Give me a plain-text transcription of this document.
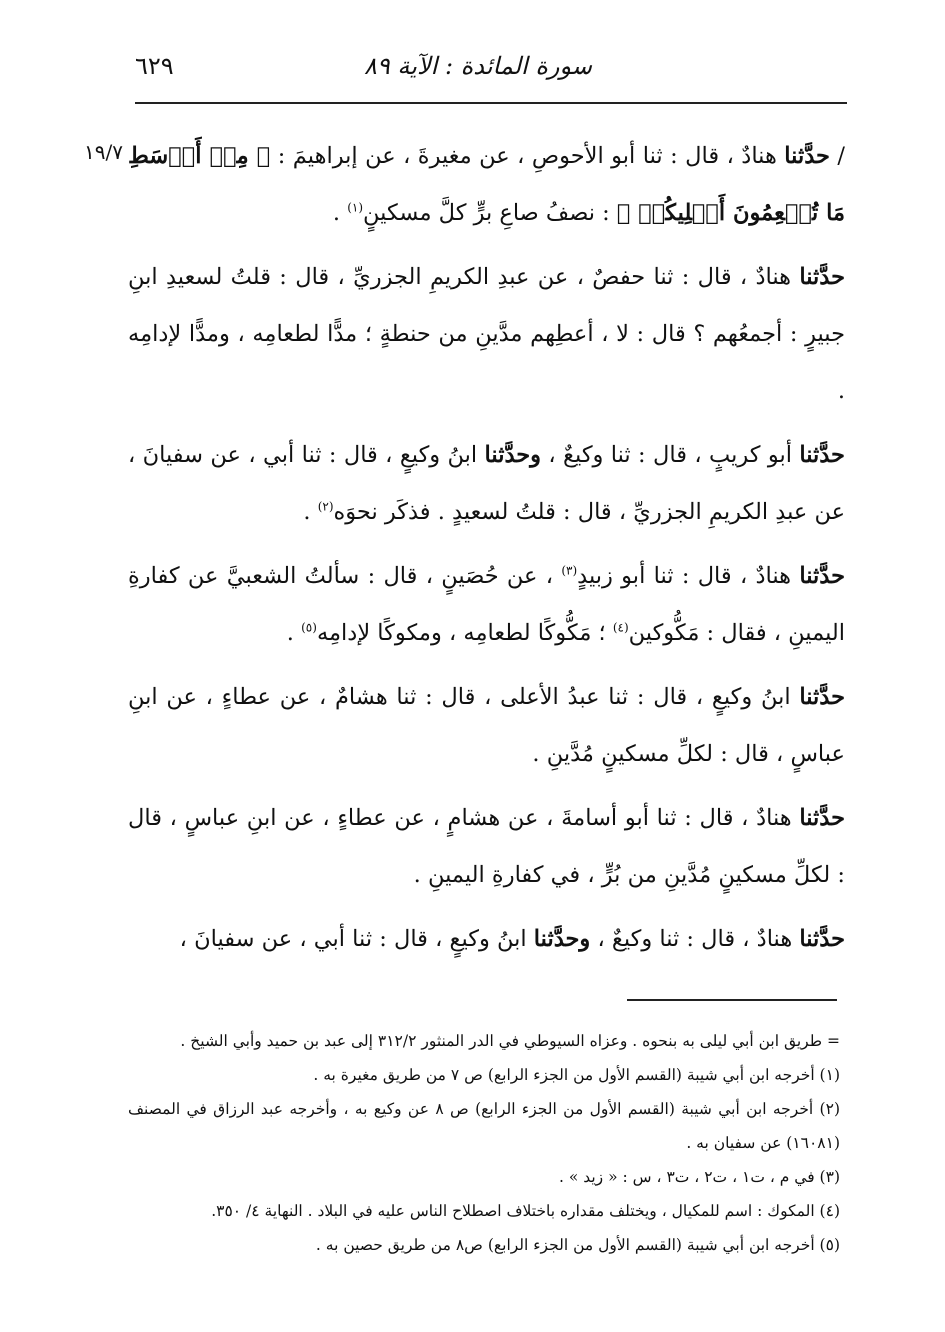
سورة المائدة : الآية ٨٩
٦٢٩
١٩/٧	/ حدَّثنا هنادٌ ، قال : ثنا أبو الأحوصِ ، عن مغيرةَ ، عن إبراهيمَ : ﴿ مِنۡ أَوۡسَطِ مَا تُطۡعِمُونَ أَهۡلِيكُمۡ ﴾ : نصفُ صاعِ برٍّ كلَّ مسكينٍ$^{(١)}$ .

حدَّثنا هنادٌ ، قال : ثنا حفصٌ ، عن عبدِ الكريمِ الجزريِّ ، قال : قلتُ لسعيدِ ابنِ جبيرٍ : أجمعُهم ؟ قال : لا ، أعطِهم مدَّينِ من حنطةٍ ؛ مدًّا لطعامِه ، ومدًّا لإدامِه .

حدَّثنا أبو كريبٍ ، قال : ثنا وكيعٌ ، وحدَّثنا ابنُ وكيعٍ ، قال : ثنا أبي ، عن سفيانَ ، عن عبدِ الكريمِ الجزريِّ ، قال : قلتُ لسعيدٍ . فذكَر نحوَه$^{(٢)}$ .

حدَّثنا هنادٌ ، قال : ثنا أبو زبيدٍ$^{(٣)}$ ، عن حُصَينٍ ، قال : سألتُ الشعبيَّ عن كفارةِ اليمينِ ، فقال : مَكُّوكين$^{(٤)}$ ؛ مَكُّوكًا لطعامِه ، ومكوكًا لإدامِه$^{(٥)}$ .

حدَّثنا ابنُ وكيعٍ ، قال : ثنا عبدُ الأعلى ، قال : ثنا هشامٌ ، عن عطاءٍ ، عن ابنِ عباسٍ ، قال : لكلِّ مسكينٍ مُدَّينِ .

حدَّثنا هنادٌ ، قال : ثنا أبو أسامةَ ، عن هشامٍ ، عن عطاءٍ ، عن ابنِ عباسٍ ، قال : لكلِّ مسكينٍ مُدَّينِ من بُرٍّ ، في كفارةِ اليمينِ .

حدَّثنا هنادٌ ، قال : ثنا وكيعٌ ، وحدَّثنا ابنُ وكيعٍ ، قال : ثنا أبي ، عن سفيانَ ،

= طريق ابن أبي ليلى به بنحوه . وعزاه السيوطي في الدر المنثور ٣١٢/٢ إلى عبد بن حميد وأبي الشيخ .
(١) أخرجه ابن أبي شيبة (القسم الأول من الجزء الرابع) ص ٧ من طريق مغيرة به .
(٢) أخرجه ابن أبي شيبة (القسم الأول من الجزء الرابع) ص ٨ عن وكيع به ، وأخرجه عبد الرزاق في المصنف
(١٦٠٨١) عن سفيان به .
(٣) في م ، ت١ ، ت٢ ، ت٣ ، س : « زيد » .
(٤) المكوك : اسم للمكيال ، ويختلف مقداره باختلاف اصطلاح الناس عليه في البلاد . النهاية ٤/ ٣٥٠.
(٥) أخرجه ابن أبي شيبة (القسم الأول من الجزء الرابع) ص٨ من طريق حصين به .
